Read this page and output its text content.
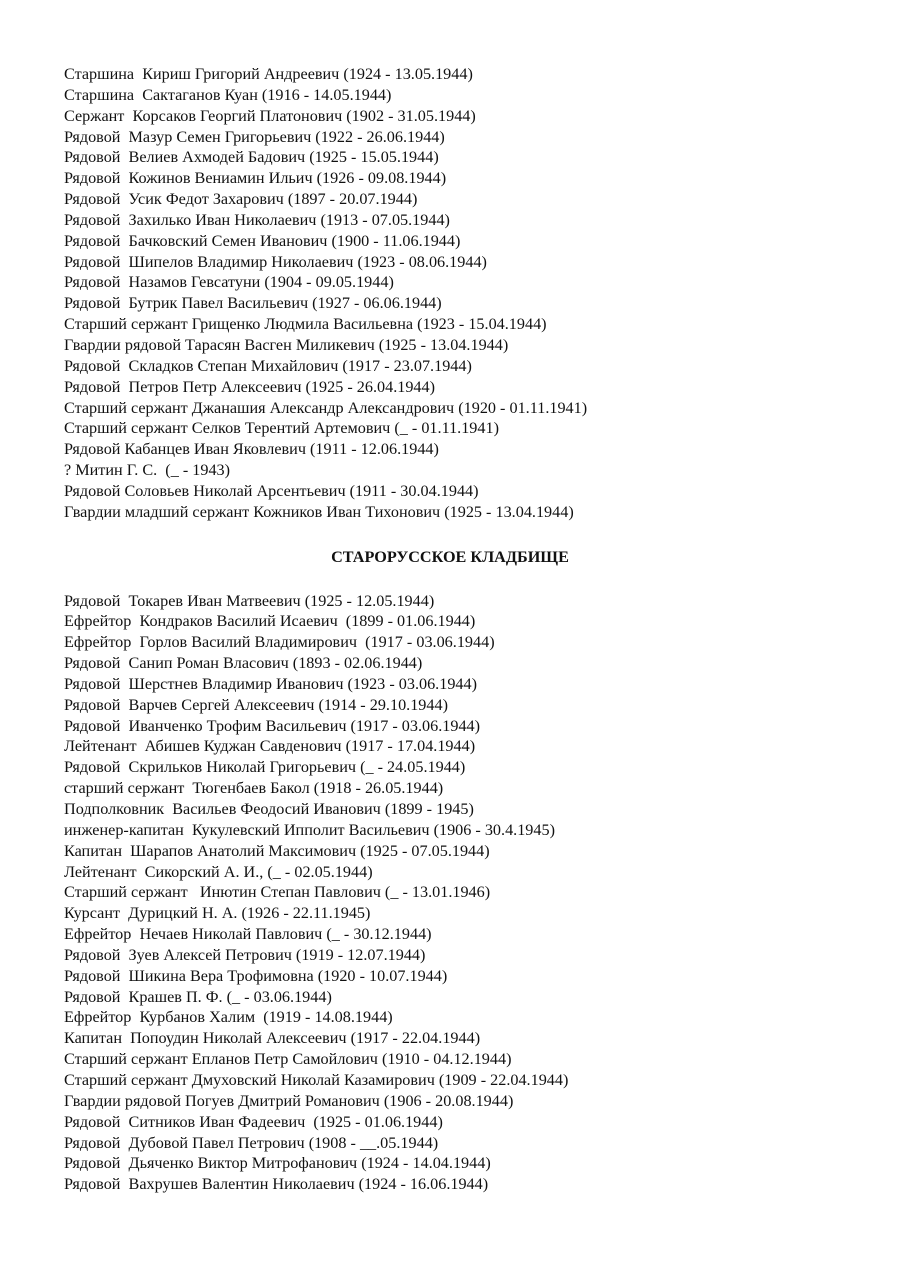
Старшина  Кириш Григорий Андреевич (1924 - 13.05.1944)
Старшина  Сактаганов Куан (1916 - 14.05.1944)
Сержант  Корсаков Георгий Платонович (1902 - 31.05.1944)
Рядовой  Мазур Семен Григорьевич (1922 - 26.06.1944)
Рядовой  Велиев Ахмодей Бадович (1925 - 15.05.1944)
Рядовой  Кожинов Вениамин Ильич (1926 - 09.08.1944)
Рядовой  Усик Федот Захарович (1897 - 20.07.1944)
Рядовой  Захилько Иван Николаевич (1913 - 07.05.1944)
Рядовой  Бачковский Семен Иванович (1900 - 11.06.1944)
Рядовой  Шипелов Владимир Николаевич (1923 - 08.06.1944)
Рядовой  Назамов Гевсатуни (1904 - 09.05.1944)
Рядовой  Бутрик Павел Васильевич (1927 - 06.06.1944)
Старший сержант Грищенко Людмила Васильевна (1923 - 15.04.1944)
Гвардии рядовой Тарасян Васген Миликевич (1925 - 13.04.1944)
Рядовой  Складков Степан Михайлович (1917 - 23.07.1944)
Рядовой  Петров Петр Алексеевич (1925 - 26.04.1944)
Старший сержант Джанашия Александр Александрович (1920 - 01.11.1941)
Старший сержант Селков Терентий Артемович (_ - 01.11.1941)
Рядовой Кабанцев Иван Яковлевич (1911 - 12.06.1944)
? Митин Г. С.  (_ - 1943)
Рядовой Соловьев Николай Арсентьевич (1911 - 30.04.1944)
Гвардии младший сержант Кожников Иван Тихонович (1925 - 13.04.1944)
СТАРОРУССКОЕ КЛАДБИЩЕ
Рядовой  Токарев Иван Матвеевич (1925 - 12.05.1944)
Ефрейтор  Кондраков Василий Исаевич  (1899 - 01.06.1944)
Ефрейтор  Горлов Василий Владимирович  (1917 - 03.06.1944)
Рядовой  Санип Роман Власович (1893 - 02.06.1944)
Рядовой  Шерстнев Владимир Иванович (1923 - 03.06.1944)
Рядовой  Варчев Сергей Алексеевич (1914 - 29.10.1944)
Рядовой  Иванченко Трофим Васильевич (1917 - 03.06.1944)
Лейтенант  Абишев Куджан Савденович (1917 - 17.04.1944)
Рядовой  Скрильков Николай Григорьевич (_ - 24.05.1944)
старший сержант  Тюгенбаев Бакол (1918 - 26.05.1944)
Подполковник  Васильев Феодосий Иванович (1899 - 1945)
инженер-капитан  Кукулевский Ипполит Васильевич (1906 - 30.4.1945)
Капитан  Шарапов Анатолий Максимович (1925 - 07.05.1944)
Лейтенант  Сикорский А. И., (_ - 02.05.1944)
Старший сержант   Инютин Степан Павлович (_ - 13.01.1946)
Курсант  Дурицкий Н. А. (1926 - 22.11.1945)
Ефрейтор  Нечаев Николай Павлович (_ - 30.12.1944)
Рядовой  Зуев Алексей Петрович (1919 - 12.07.1944)
Рядовой  Шикина Вера Трофимовна (1920 - 10.07.1944)
Рядовой  Крашев П. Ф. (_ - 03.06.1944)
Ефрейтор  Курбанов Халим  (1919 - 14.08.1944)
Капитан  Попоудин Николай Алексеевич (1917 - 22.04.1944)
Старший сержант Епланов Петр Самойлович (1910 - 04.12.1944)
Старший сержант Дмуховский Николай Казамирович (1909 - 22.04.1944)
Гвардии рядовой Погуев Дмитрий Романович (1906 - 20.08.1944)
Рядовой  Ситников Иван Фадеевич  (1925 - 01.06.1944)
Рядовой  Дубовой Павел Петрович (1908 - __.05.1944)
Рядовой  Дьяченко Виктор Митрофанович (1924 - 14.04.1944)
Рядовой  Вахрушев Валентин Николаевич (1924 - 16.06.1944)
